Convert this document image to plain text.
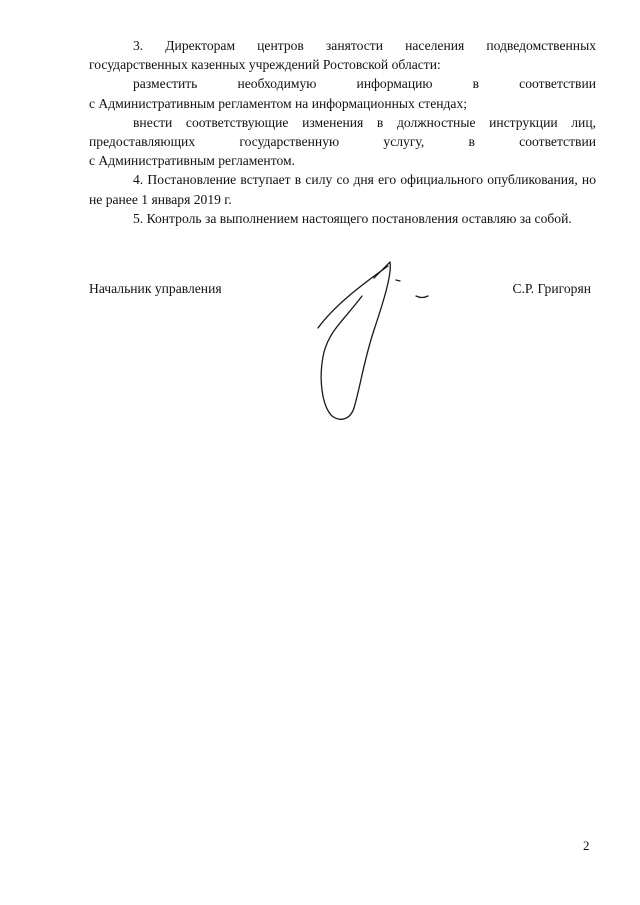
3. Директорам центров занятости населения подведомственных государственных казенных учреждений Ростовской области:

разместить необходимую информацию в соответствии

с Административным регламентом на информационных стендах;

внести соответствующие изменения в должностные инструкции лиц, предоставляющих государственную услугу, в соответствии

с Административным регламентом.

4. Постановление вступает в силу со дня его официального опубликования, но не ранее 1 января 2019 г.

5. Контроль за выполнением настоящего постановления оставляю за собой.

Начальник управления	С.Р. Григорян
2
